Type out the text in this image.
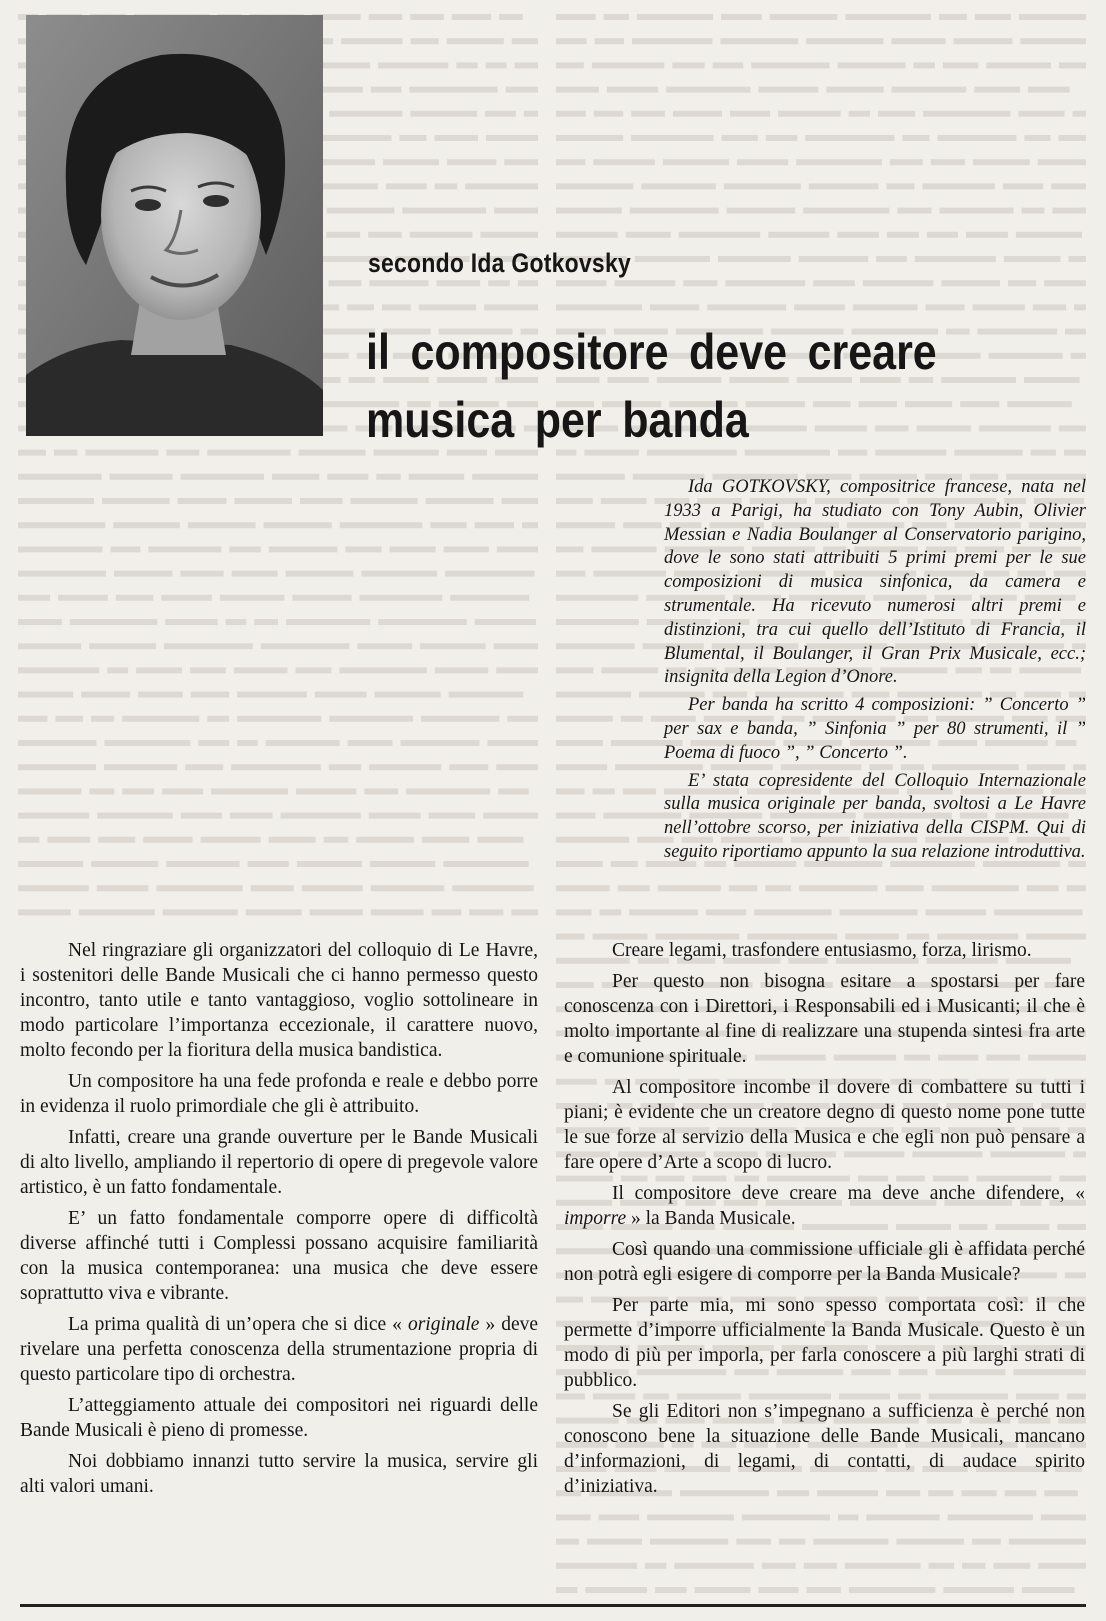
secondo Ida Gotkovsky
il compositore deve creare
musica per banda

Ida GOTKOVSKY, compositrice francese, nata nel 1933 a Parigi, ha studiato con Tony Aubin, Olivier Messian e Nadia Boulanger al Conservatorio parigino, dove le sono stati attribuiti 5 primi premi per le sue composizioni di musica sinfonica, da camera e strumentale. Ha ricevuto numerosi altri premi e distinzioni, tra cui quello dell’Istituto di Francia, il Blumental, il Boulanger, il Gran Prix Musicale, ecc.; insignita della Legion d’Onore.

Per banda ha scritto 4 composizioni: ” Concerto ” per sax e banda, ” Sinfonia ” per 80 strumenti, il ” Poema di fuoco ”, ” Concerto ”.

E’ stata copresidente del Colloquio Internazionale sulla musica originale per banda, svoltosi a Le Havre nell’ottobre scorso, per iniziativa della CISPM. Qui di seguito riportiamo appunto la sua relazione introduttiva.

Nel ringraziare gli organizzatori del colloquio di Le Havre, i sostenitori delle Bande Musicali che ci hanno permesso questo incontro, tanto utile e tanto vantaggioso, voglio sottolineare in modo particolare l’importanza eccezionale, il carattere nuovo, molto fecondo per la fioritura della musica bandistica.

Un compositore ha una fede profonda e reale e debbo porre in evidenza il ruolo primordiale che gli è attribuito.

Infatti, creare una grande ouverture per le Bande Musicali di alto livello, ampliando il repertorio di opere di pregevole valore artistico, è un fatto fondamentale.

E’ un fatto fondamentale comporre opere di difficoltà diverse affinché tutti i Complessi possano acquisire familiarità con la musica contemporanea: una musica che deve essere soprattutto viva e vibrante.

La prima qualità di un’opera che si dice « originale » deve rivelare una perfetta conoscenza della strumentazione propria di questo particolare tipo di orchestra.

L’atteggiamento attuale dei compositori nei riguardi delle Bande Musicali è pieno di promesse.

Noi dobbiamo innanzi tutto servire la musica, servire gli alti valori umani.

Creare legami, trasfondere entusiasmo, forza, lirismo.

Per questo non bisogna esitare a spostarsi per fare conoscenza con i Direttori, i Responsabili ed i Musicanti; il che è molto importante al fine di realizzare una stupenda sintesi fra arte e comunione spirituale.

Al compositore incombe il dovere di combattere su tutti i piani; è evidente che un creatore degno di questo nome pone tutte le sue forze al servizio della Musica e che egli non può pensare a fare opere d’Arte a scopo di lucro.

Il compositore deve creare ma deve anche difendere, « imporre » la Banda Musicale.

Così quando una commissione ufficiale gli è affidata perché non potrà egli esigere di comporre per la Banda Musicale?

Per parte mia, mi sono spesso comportata così: il che permette d’imporre ufficialmente la Banda Musicale. Questo è un modo di più per imporla, per farla conoscere a più larghi strati di pubblico.

Se gli Editori non s’impegnano a sufficienza è perché non conoscono bene la situazione delle Bande Musicali, mancano d’informazioni, di legami, di contatti, di audace spirito d’iniziativa.
